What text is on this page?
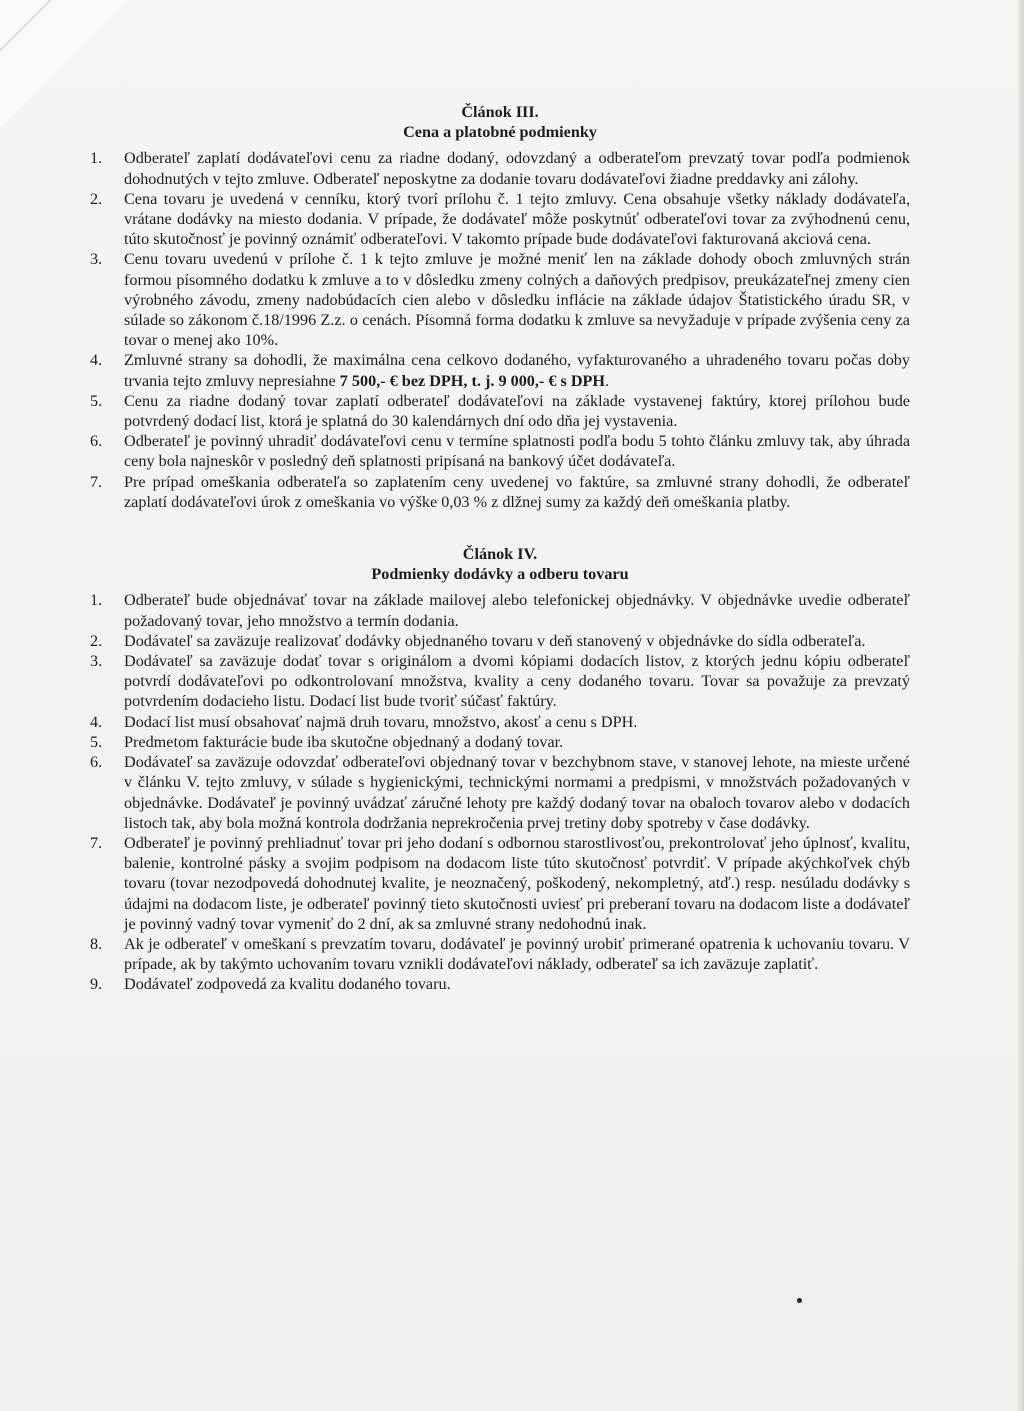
Článok III.

Cena a platobné podmienky

1.	Odberateľ zaplatí dodávateľovi cenu za riadne dodaný, odovzdaný a odberateľom prevzatý tovar podľa podmienok dohodnutých v tejto zmluve. Odberateľ neposkytne za dodanie tovaru dodávateľovi žiadne preddavky ani zálohy.
2.	Cena tovaru je uvedená v cenníku, ktorý tvorí prílohu č. 1 tejto zmluvy. Cena obsahuje všetky náklady dodávateľa, vrátane dodávky na miesto dodania. V prípade, že dodávateľ môže poskytnúť odberateľovi tovar za zvýhodnenú cenu, túto skutočnosť je povinný oznámiť odberateľovi. V takomto prípade bude dodávateľovi fakturovaná akciová cena.
3.	Cenu tovaru uvedenú v prílohe č. 1 k tejto zmluve je možné meniť len na základe dohody oboch zmluvných strán formou písomného dodatku k zmluve a to v dôsledku zmeny colných a daňových predpisov, preukázateľnej zmeny cien výrobného závodu, zmeny nadobúdacích cien alebo v dôsledku inflácie na základe údajov Štatistického úradu SR, v súlade so zákonom č.18/1996 Z.z. o cenách. Písomná forma dodatku k zmluve sa nevyžaduje v prípade zvýšenia ceny za tovar o menej ako 10%.
4.	Zmluvné strany sa dohodli, že maximálna cena celkovo dodaného, vyfakturovaného a uhradeného tovaru počas doby trvania tejto zmluvy nepresiahne 7 500,- € bez DPH, t. j. 9 000,- € s DPH.
5.	Cenu za riadne dodaný tovar zaplatí odberateľ dodávateľovi na základe vystavenej faktúry, ktorej prílohou bude potvrdený dodací list, ktorá je splatná do 30 kalendárnych dní odo dňa jej vystavenia.
6.	Odberateľ je povinný uhradiť dodávateľovi cenu v termíne splatnosti podľa bodu 5 tohto článku zmluvy tak, aby úhrada ceny bola najneskôr v posledný deň splatnosti pripísaná na bankový účet dodávateľa.
7.	Pre prípad omeškania odberateľa so zaplatením ceny uvedenej vo faktúre, sa zmluvné strany dohodli, že odberateľ zaplatí dodávateľovi úrok z omeškania vo výške 0,03 % z dlžnej sumy za každý deň omeškania platby.

Článok IV.

Podmienky dodávky a odberu tovaru

1.	Odberateľ bude objednávať tovar na základe mailovej alebo telefonickej objednávky. V objednávke uvedie odberateľ požadovaný tovar, jeho množstvo a termín dodania.
2.	Dodávateľ sa zaväzuje realizovať dodávky objednaného tovaru v deň stanovený v objednávke do sídla odberateľa.
3.	Dodávateľ sa zaväzuje dodať tovar s originálom a dvomi kópiami dodacích listov, z ktorých jednu kópiu odberateľ potvrdí dodávateľovi po odkontrolovaní množstva, kvality a ceny dodaného tovaru. Tovar sa považuje za prevzatý potvrdením dodacieho listu. Dodací list bude tvoriť súčasť faktúry.
4.	Dodací list musí obsahovať najmä druh tovaru, množstvo, akosť a cenu s DPH.
5.	Predmetom fakturácie bude iba skutočne objednaný a dodaný tovar.
6.	Dodávateľ sa zaväzuje odovzdať odberateľovi objednaný tovar v bezchybnom stave, v stanovej lehote, na mieste určené v článku V. tejto zmluvy, v súlade s hygienickými, technickými normami a predpismi, v množstvách požadovaných v objednávke. Dodávateľ je povinný uvádzať záručné lehoty pre každý dodaný tovar na obaloch tovarov alebo v dodacích listoch tak, aby bola možná kontrola dodržania neprekročenia prvej tretiny doby spotreby v čase dodávky.
7.	Odberateľ je povinný prehliadnuť tovar pri jeho dodaní s odbornou starostlivosťou, prekontrolovať jeho úplnosť, kvalitu, balenie, kontrolné pásky a svojim podpisom na dodacom liste túto skutočnosť potvrdiť. V prípade akýchkoľvek chýb tovaru (tovar nezodpovedá dohodnutej kvalite, je neoznačený, poškodený, nekompletný, atď.) resp. nesúladu dodávky s údajmi na dodacom liste, je odberateľ povinný tieto skutočnosti uviesť pri preberaní tovaru na dodacom liste a dodávateľ je povinný vadný tovar vymeniť do 2 dní, ak sa zmluvné strany nedohodnú inak.
8.	Ak je odberateľ v omeškaní s prevzatím tovaru, dodávateľ je povinný urobiť primerané opatrenia k uchovaniu tovaru. V prípade, ak by takýmto uchovaním tovaru vznikli dodávateľovi náklady, odberateľ sa ich zaväzuje zaplatiť.
9.	Dodávateľ zodpovedá za kvalitu dodaného tovaru.
